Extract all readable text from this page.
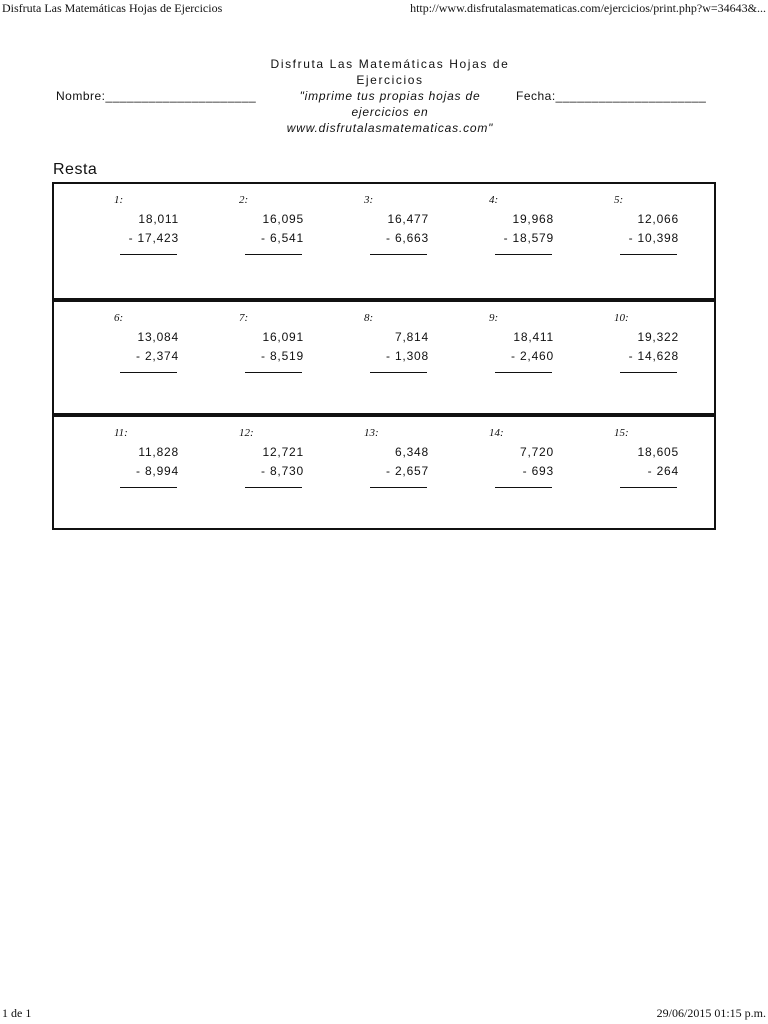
Disfruta Las Matemáticas Hojas de Ejercicios	http://www.disfrutalasmatematicas.com/ejercicios/print.php?w=34643&...
Disfruta Las Matemáticas Hojas de
Ejercicios
Nombre:_____________________	"imprime tus propias hojas de
ejercicios en
www.disfrutalasmatematicas.com"
Fecha:_____________________
Resta
1:
18,011
- 17,423
2:
16,095
- 6,541
3:
16,477
- 6,663
4:
19,968
- 18,579
5:
12,066
- 10,398
6:
13,084
- 2,374
7:
16,091
- 8,519
8:
7,814
- 1,308
9:
18,411
- 2,460
10:
19,322
- 14,628
11:
11,828
- 8,994
12:
12,721
- 8,730
13:
6,348
- 2,657
14:
7,720
- 693
15:
18,605
- 264
1 de 1	29/06/2015 01:15 p.m.
